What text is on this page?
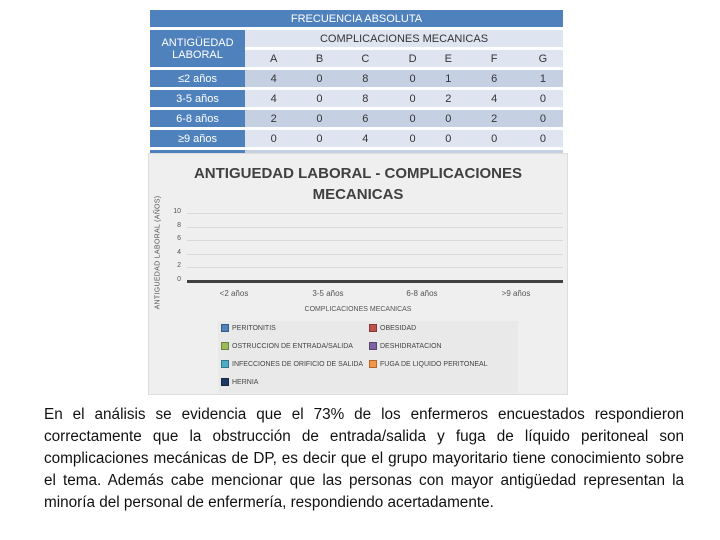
FRECUENCIA ABSOLUTA							
ANTIGÜEDAD LABORAL	COMPLICACIONES MECANICAS						
	A	B	C	D	E	F	G
≤2 años	4	0	8	0	1	6	1
3-5 años	4	0	8	0	2	4	0
6-8 años	2	0	6	0	0	2	0
≥9 años	0	0	4	0	0	0	0

ANTIGUEDAD LABORAL - COMPLICACIONES MECANICAS
ANTIGUEDAD LABORAL (AÑOS)	10
8
6
4
2
0
<2 años	3-5 años	6-8 años	>9 años
COMPLICACIONES MECANICAS
PERITONITIS	OBESIDAD
OSTRUCCION DE ENTRADA/SALIDA	DESHIDRATACION
INFECCIONES DE ORIFICIO DE SALIDA FUGA DE LIQUIDO PERITONEAL
HERNIA

En el análisis se evidencia que el 73% de los enfermeros encuestados respondieron correctamente que la obstrucción de entrada/salida y fuga de líquido peritoneal son complicaciones mecánicas de DP, es decir que el grupo mayoritario tiene conocimiento sobre el tema. Además cabe mencionar que las personas con mayor antigüedad representan la minoría del personal de enfermería, respondiendo acertadamente.
